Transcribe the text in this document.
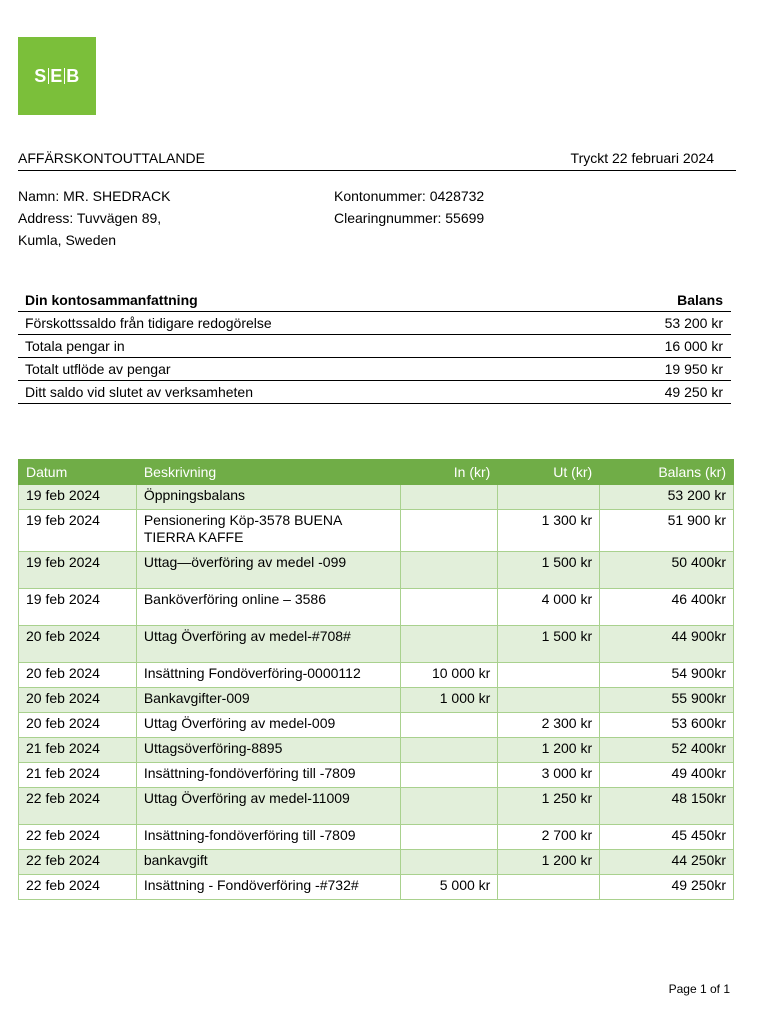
S E B
AFFÄRSKONTOUTTALANDE	Tryckt 22 februari 2024
Namn: MR. SHEDRACK
Address: Tuvvägen 89,
Kumla, Sweden
Kontonummer: 0428732
Clearingnummer: 55699
Din kontosammanfattning	Balans
Förskottssaldo från tidigare redogörelse	53 200 kr
Totala pengar in	16 000 kr
Totalt utflöde av pengar	19 950 kr
Ditt saldo vid slutet av verksamheten	49 250 kr
Datum	Beskrivning	In (kr)	Ut (kr)	Balans (kr)
19 feb 2024	Öppningsbalans			53 200 kr
19 feb 2024	Pensionering Köp-3578 BUENA TIERRA KAFFE		1 300 kr	51 900 kr
19 feb 2024	Uttag—överföring av medel -099		1 500 kr	50 400kr
19 feb 2024	Banköverföring online – 3586		4 000 kr	46 400kr
20 feb 2024	Uttag Överföring av medel-#708#		1 500 kr	44 900kr
20 feb 2024	Insättning Fondöverföring-0000112	10 000 kr		54 900kr
20 feb 2024	Bankavgifter-009	1 000 kr		55 900kr
20 feb 2024	Uttag Överföring av medel-009		2 300 kr	53 600kr
21 feb 2024	Uttagsöverföring-8895		1 200 kr	52 400kr
21 feb 2024	Insättning-fondöverföring till -7809		3 000 kr	49 400kr
22 feb 2024	Uttag Överföring av medel-11009		1 250 kr	48 150kr
22 feb 2024	Insättning-fondöverföring till -7809		2 700 kr	45 450kr
22 feb 2024	bankavgift		1 200 kr	44 250kr
22 feb 2024	Insättning - Fondöverföring -#732#	5 000 kr		49 250kr
Page 1 of 1
